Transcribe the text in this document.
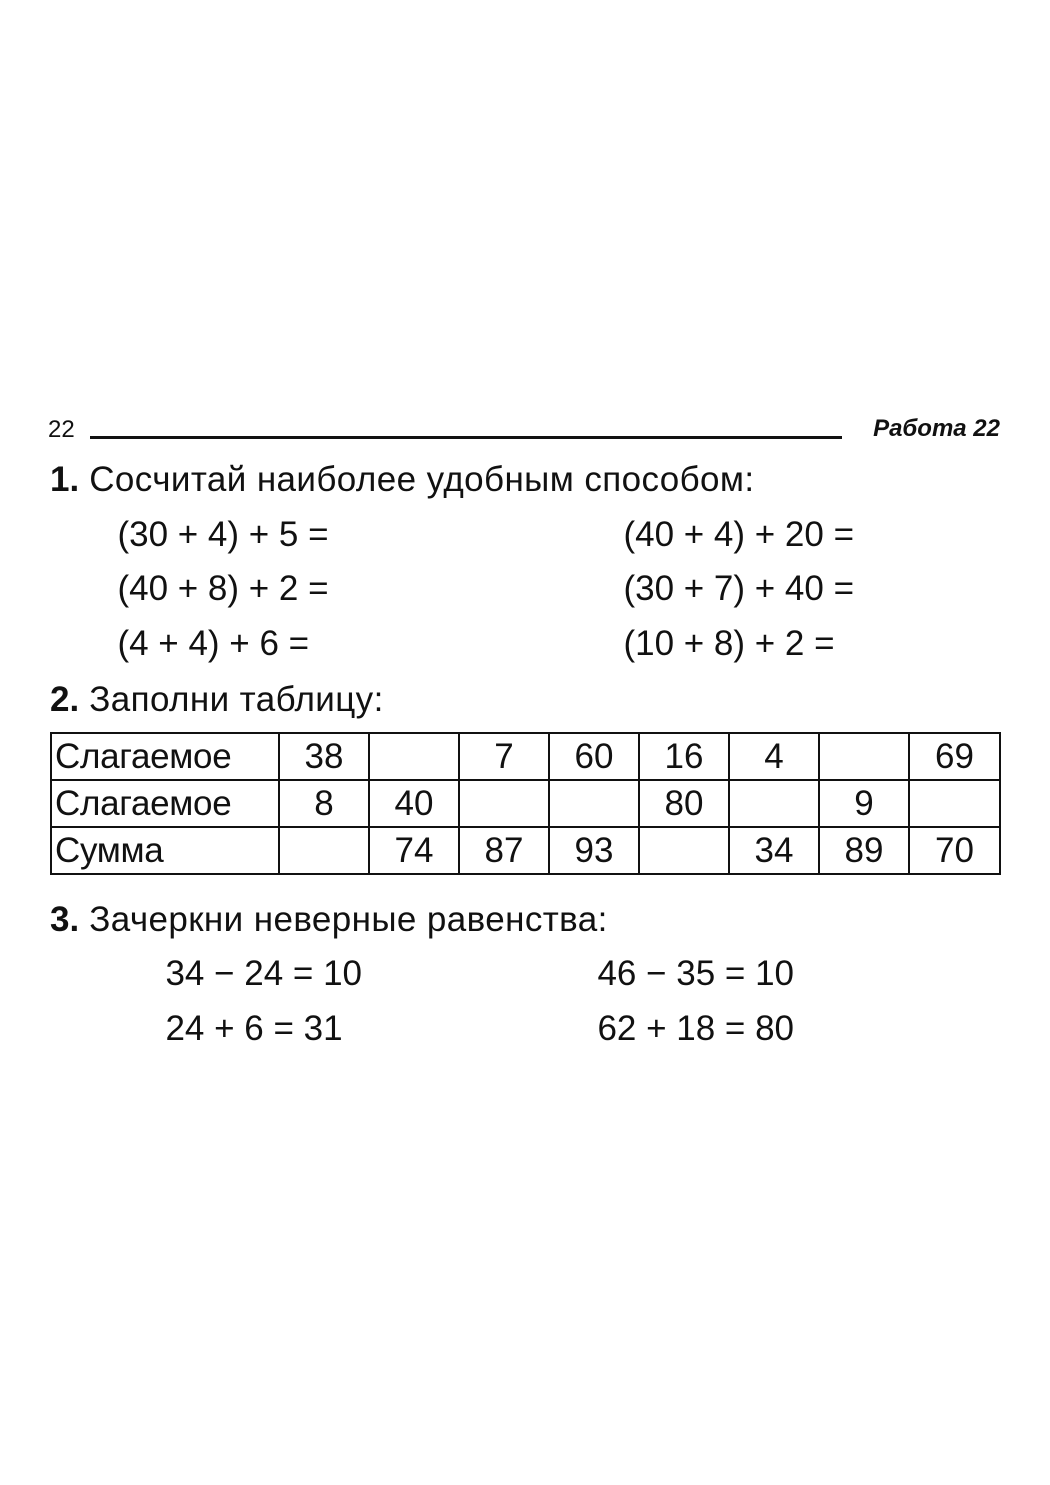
22	Работа 22
1. Сосчитай наиболее удобным способом:

(30 + 4) + 5 =

(40 + 8) + 2 =

(4 + 4) + 6 =

(40 + 4) + 20 =

(30 + 7) + 40 =

(10 + 8) + 2 =

2. Заполни таблицу:
Слагаемое	38		7	60	16	4		69
Слагаемое	8	40			80		9	
Сумма		74	87	93		34	89	70
3. Зачеркни неверные равенства:

34 − 24 = 10

24 + 6 = 31

46 − 35 = 10

62 + 18 = 80
